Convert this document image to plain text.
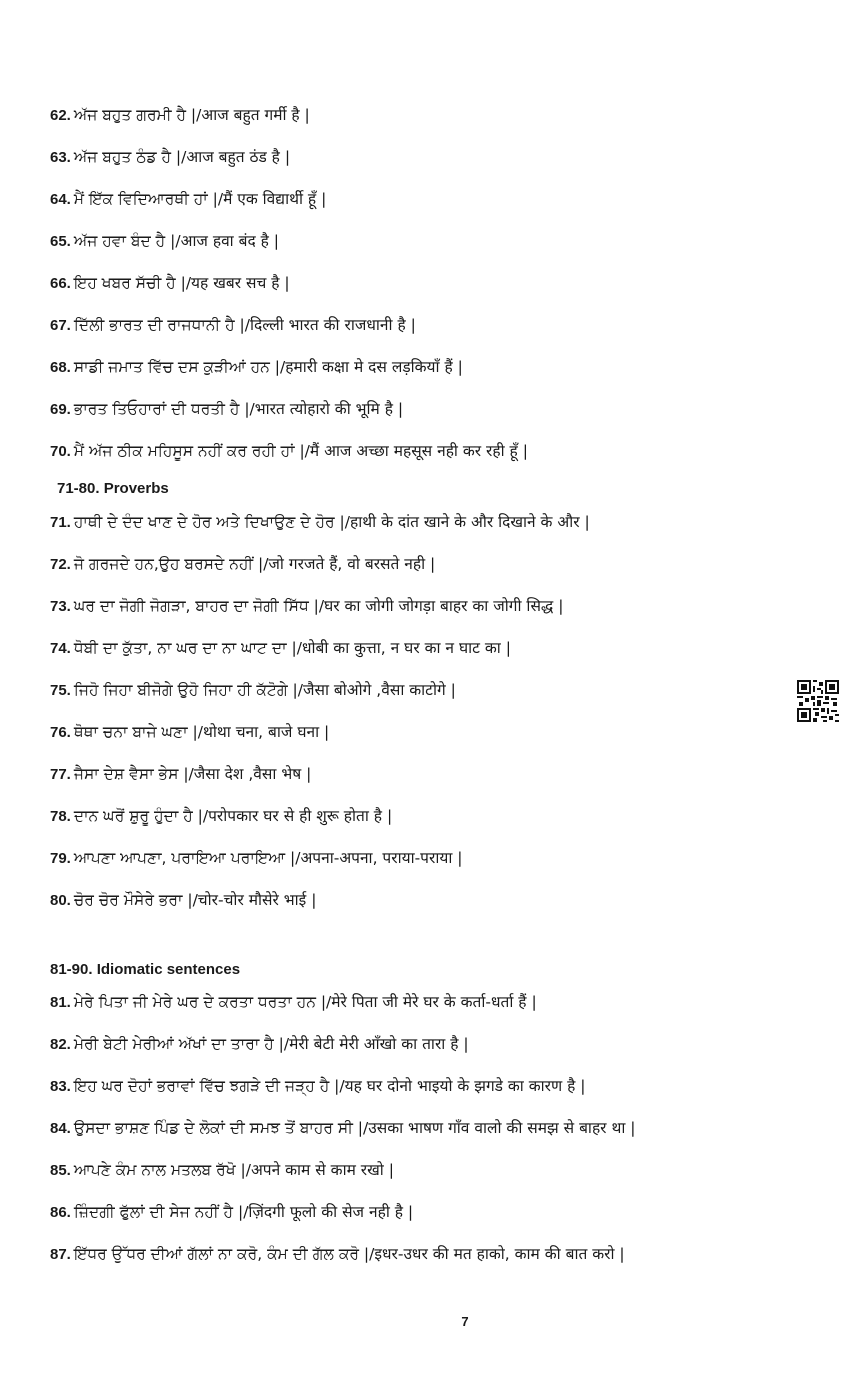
62. ਅੱਜ ਬਹੁਤ ਗਰਮੀ ਹੈ |/आज बहुत गर्मी है |
63. ਅੱਜ ਬਹੁਤ ਠੰਡ ਹੈ |/आज बहुत ठंड है |
64. ਮੈਂ ਇੱਕ ਵਿਦਿਆਰਥੀ ਹਾਂ |/मैं एक विद्यार्थी हूँ |
65. ਅੱਜ ਹਵਾ ਬੰਦ ਹੈ |/आज हवा बंद है |
66. ਇਹ ਖਬਰ ਸੱਚੀ ਹੈ |/यह खबर सच है |
67. ਦਿੱਲੀ ਭਾਰਤ ਦੀ ਰਾਜਧਾਨੀ ਹੈ |/दिल्ली भारत की राजधानी है |
68. ਸਾਡੀ ਜਮਾਤ ਵਿੱਚ ਦਸ ਕੁੜੀਆਂ ਹਨ |/हमारी कक्षा मे दस लड़कियाँ हैं |
69. ਭਾਰਤ ਤਿਓਹਾਰਾਂ ਦੀ ਧਰਤੀ ਹੈ |/भारत त्योहारो की भूमि है |
70. ਮੈਂ ਅੱਜ ਠੀਕ ਮਹਿਸੂਸ ਨਹੀਂ ਕਰ ਰਹੀ ਹਾਂ |/मैं आज अच्छा महसूस नही कर रही हूँ |
71-80. Proverbs
71. ਹਾਥੀ ਦੇ ਦੰਦ ਖਾਣ ਦੇ ਹੋਰ ਅਤੇ ਦਿਖਾਉਣ ਦੇ ਹੋਰ |/हाथी के दांत खाने के और दिखाने के और |
72. ਜੋ ਗਰਜਦੇ ਹਨ,ਉਹ ਬਰਸਦੇ ਨਹੀਂ |/जो गरजते हैं, वो बरसते नही |
73. ਘਰ ਦਾ ਜੋਗੀ ਜੋਗੜਾ, ਬਾਹਰ ਦਾ ਜੋਗੀ ਸਿੱਧ |/घर का जोगी जोगड़ा बाहर का जोगी सिद्ध |
74. ਧੋਬੀ ਦਾ ਕੁੱਤਾ, ਨਾ ਘਰ ਦਾ ਨਾ ਘਾਟ ਦਾ |/धोबी का कुत्ता, न घर का न घाट का |
75. ਜਿਹੋ ਜਿਹਾ ਬੀਜੋਗੇ ਉਹੋ ਜਿਹਾ ਹੀ ਕੱਟੋਗੇ |/जैसा बोओगे ,वैसा काटोगे |
76. ਥੋਥਾ ਚਨਾ ਬਾਜੇ ਘਣਾ |/थोथा चना, बाजे घना |
77. ਜੈਸਾ ਦੇਸ਼ ਵੈਸਾ ਭੇਸ |/जैसा देश ,वैसा भेष |
78. ਦਾਨ ਘਰੋਂ ਸ਼ੁਰੂ ਹੁੰਦਾ ਹੈ |/परोपकार घर से ही शुरू होता है |
79. ਆਪਣਾ ਆਪਣਾ, ਪਰਾਇਆ ਪਰਾਇਆ |/अपना-अपना, पराया-पराया |
80. ਚੋਰ ਚੋਰ ਮੌਸੇਰੇ ਭਰਾ |/चोर-चोर मौसेरे भाई |
81-90. Idiomatic sentences
81. ਮੇਰੇ ਪਿਤਾ ਜੀ ਮੇਰੇ ਘਰ ਦੇ ਕਰਤਾ ਧਰਤਾ ਹਨ |/मेरे पिता जी मेरे घर के कर्ता-धर्ता हैं |
82. ਮੇਰੀ ਬੇਟੀ ਮੇਰੀਆਂ ਅੱਖਾਂ ਦਾ ਤਾਰਾ ਹੈ |/मेरी बेटी मेरी आँखो का तारा है |
83. ਇਹ ਘਰ ਦੋਹਾਂ ਭਰਾਵਾਂ ਵਿੱਚ ਝਗੜੇ ਦੀ ਜੜ੍ਹ ਹੈ |/यह घर दोनो भाइयो के झगडे का कारण है |
84. ਉਸਦਾ ਭਾਸ਼ਣ ਪਿੰਡ ਦੇ ਲੋਕਾਂ ਦੀ ਸਮਝ ਤੋਂ ਬਾਹਰ ਸੀ |/उसका भाषण गाँव वालो की समझ से बाहर था |
85. ਆਪਣੇ ਕੰਮ ਨਾਲ ਮਤਲਬ ਰੱਖੋ |/अपने काम से काम रखो |
86. ਜ਼ਿੰਦਗੀ ਫੁੱਲਾਂ ਦੀ ਸੇਜ ਨਹੀਂ ਹੈ |/ज़िंदगी फूलो की सेज नही है |
87. ਇੱਧਰ ਉੱਧਰ ਦੀਆਂ ਗੱਲਾਂ ਨਾ ਕਰੋ, ਕੰਮ ਦੀ ਗੱਲ ਕਰੋ |/इधर-उधर की मत हाको, काम की बात करो |
7
